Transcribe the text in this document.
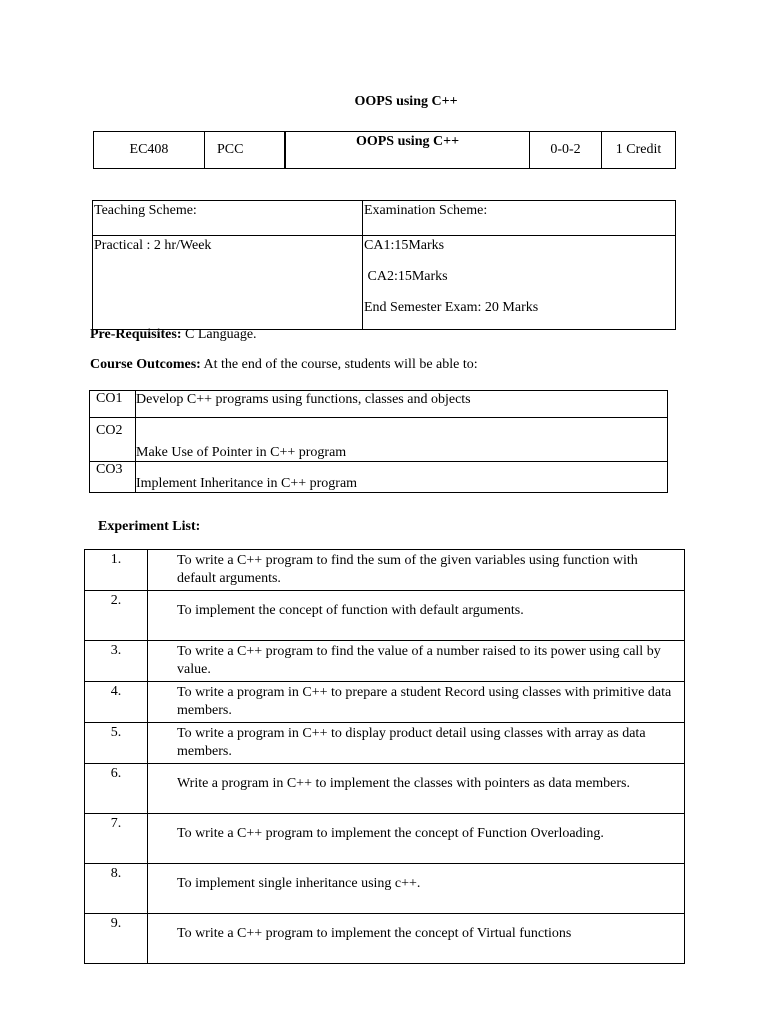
OOPS using C++
EC408	PCC	OOPS using C++	0-0-2	1 Credit
Teaching Scheme:	Examination Scheme:

Practical : 2 hr/Week	CA1:15Marks
CA2:15Marks
End Semester Exam: 20 Marks
Pre-Requisites: C Language.
Course Outcomes: At the end of the course, students will be able to:
CO1	Develop C++ programs using functions, classes and objects
CO2	Make Use of Pointer in C++ program
CO3	Implement Inheritance in C++ program
Experiment List:
1.	To write a C++ program to find the sum of the given variables using function with default arguments.
2.	To implement the concept of function with default arguments.
3.	To write a C++ program to find the value of a number raised to its power using call by value.
4.	To write a program in C++ to prepare a student Record using classes with primitive data members.
5.	To write a program in C++ to display product detail using classes with array as data members.
6.	Write a program in C++ to implement the classes with pointers as data members.
7.	To write a C++ program to implement the concept of Function Overloading.
8.	To implement single inheritance using c++.
9.	To write a C++ program to implement the concept of Virtual functions
